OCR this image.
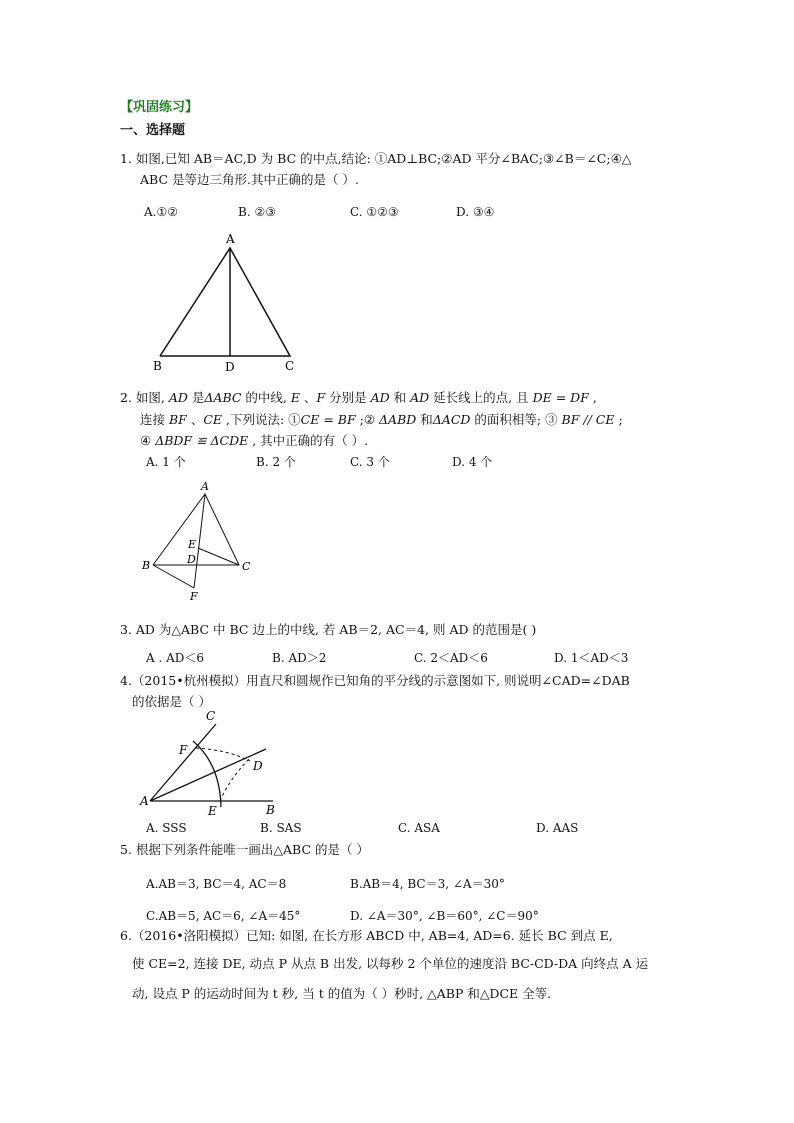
【巩固练习】
一、选择题
1. 如图,已知 AB＝AC,D 为 BC 的中点,结论: ①AD⊥BC;②AD 平分∠BAC;③∠B＝∠C;④△
ABC 是等边三角形.其中正确的是（ ）.
A.①②	B. ②③	C. ①②③	D. ③④
A
B	D	C
2. 如图, AD 是ΔABC 的中线, E 、F 分别是 AD 和 AD 延长线上的点, 且 DE = DF ,
连接 BF 、CE ,下列说法: ①CE = BF ;② ΔABD 和ΔACD 的面积相等; ③ BF // CE ;
④ ΔBDF ≌ ΔCDE , 其中正确的有（ ）.
A. 1 个	B. 2 个	C. 3 个	D. 4 个
A
B	C
E
D
F
3. AD 为△ABC 中 BC 边上的中线, 若 AB＝2, AC＝4, 则 AD 的范围是( )
A . AD＜6	B. AD＞2	C. 2＜AD＜6	D. 1＜AD＜3
4.（2015•杭州模拟）用直尺和圆规作已知角的平分线的示意图如下, 则说明∠CAD=∠DAB
的依据是（ ）
C
F
D
A
E	B
A. SSS	B. SAS	C. ASA	D. AAS
5. 根据下列条件能唯一画出△ABC 的是（ ）
A.AB＝3, BC＝4, AC＝8	B.AB＝4, BC＝3, ∠A＝30°
C.AB＝5, AC＝6, ∠A＝45°	D. ∠A＝30°, ∠B＝60°, ∠C＝90°
6.（2016•洛阳模拟）已知: 如图, 在长方形 ABCD 中, AB=4, AD=6. 延长 BC 到点 E,
使 CE=2, 连接 DE, 动点 P 从点 B 出发, 以每秒 2 个单位的速度沿 BC-CD-DA 向终点 A 运
动, 设点 P 的运动时间为 t 秒, 当 t 的值为（ ）秒时, △ABP 和△DCE 全等.
